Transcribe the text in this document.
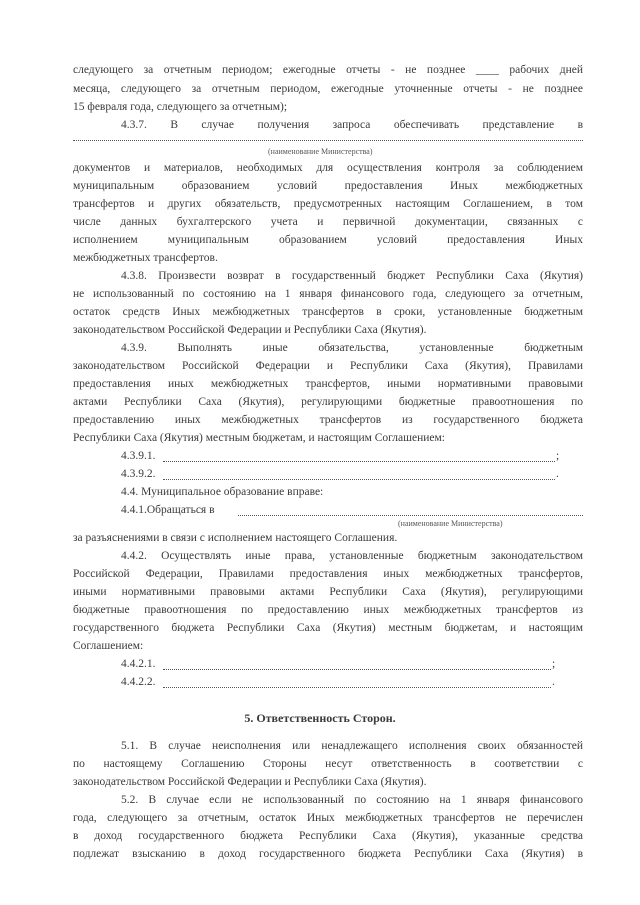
следующего за отчетным периодом; ежегодные отчеты - не позднее ____ рабочих дней
месяца, следующего за отчетным периодом, ежегодные уточненные отчеты - не позднее
15 февраля года, следующего за отчетным);
4.3.7. В случае получения запроса обеспечивать представление в
(наименование Министерства)
документов и материалов, необходимых для осуществления контроля за соблюдением
муниципальным образованием условий предоставления Иных межбюджетных
трансфертов и других обязательств, предусмотренных настоящим Соглашением, в том
числе данных бухгалтерского учета и первичной документации, связанных с
исполнением муниципальным образованием условий предоставления Иных
межбюджетных трансфертов.
4.3.8. Произвести возврат в государственный бюджет Республики Саха (Якутия)
не использованный по состоянию на 1 января финансового года, следующего за отчетным,
остаток средств Иных межбюджетных трансфертов в сроки, установленные бюджетным
законодательством Российской Федерации и Республики Саха (Якутия).
4.3.9. Выполнять иные обязательства, установленные бюджетным
законодательством Российской Федерации и Республики Саха (Якутия), Правилами
предоставления иных межбюджетных трансфертов, иными нормативными правовыми
актами Республики Саха (Якутия), регулирующими бюджетные правоотношения по
предоставлению иных межбюджетных трансфертов из государственного бюджета
Республики Саха (Якутия) местным бюджетам, и настоящим Соглашением:
4.3.9.1.	;
4.3.9.2.	.
4.4. Муниципальное образование вправе:
4.4.1.Обращаться в
(наименование Министерства)
за разъяснениями в связи с исполнением настоящего Соглашения.
4.4.2. Осуществлять иные права, установленные бюджетным законодательством
Российской Федерации, Правилами предоставления иных межбюджетных трансфертов,
иными нормативными правовыми актами Республики Саха (Якутия), регулирующими
бюджетные правоотношения по предоставлению иных межбюджетных трансфертов из
государственного бюджета Республики Саха (Якутия) местным бюджетам, и настоящим
Соглашением:
4.4.2.1.	;
4.4.2.2.	.
5. Ответственность Сторон.
5.1. В случае неисполнения или ненадлежащего исполнения своих обязанностей
по настоящему Соглашению Стороны несут ответственность в соответствии с
законодательством Российской Федерации и Республики Саха (Якутия).
5.2. В случае если не использованный по состоянию на 1 января финансового
года, следующего за отчетным, остаток Иных межбюджетных трансфертов не перечислен
в доход государственного бюджета Республики Саха (Якутия), указанные средства
подлежат взысканию в доход государственного бюджета Республики Саха (Якутия) в
